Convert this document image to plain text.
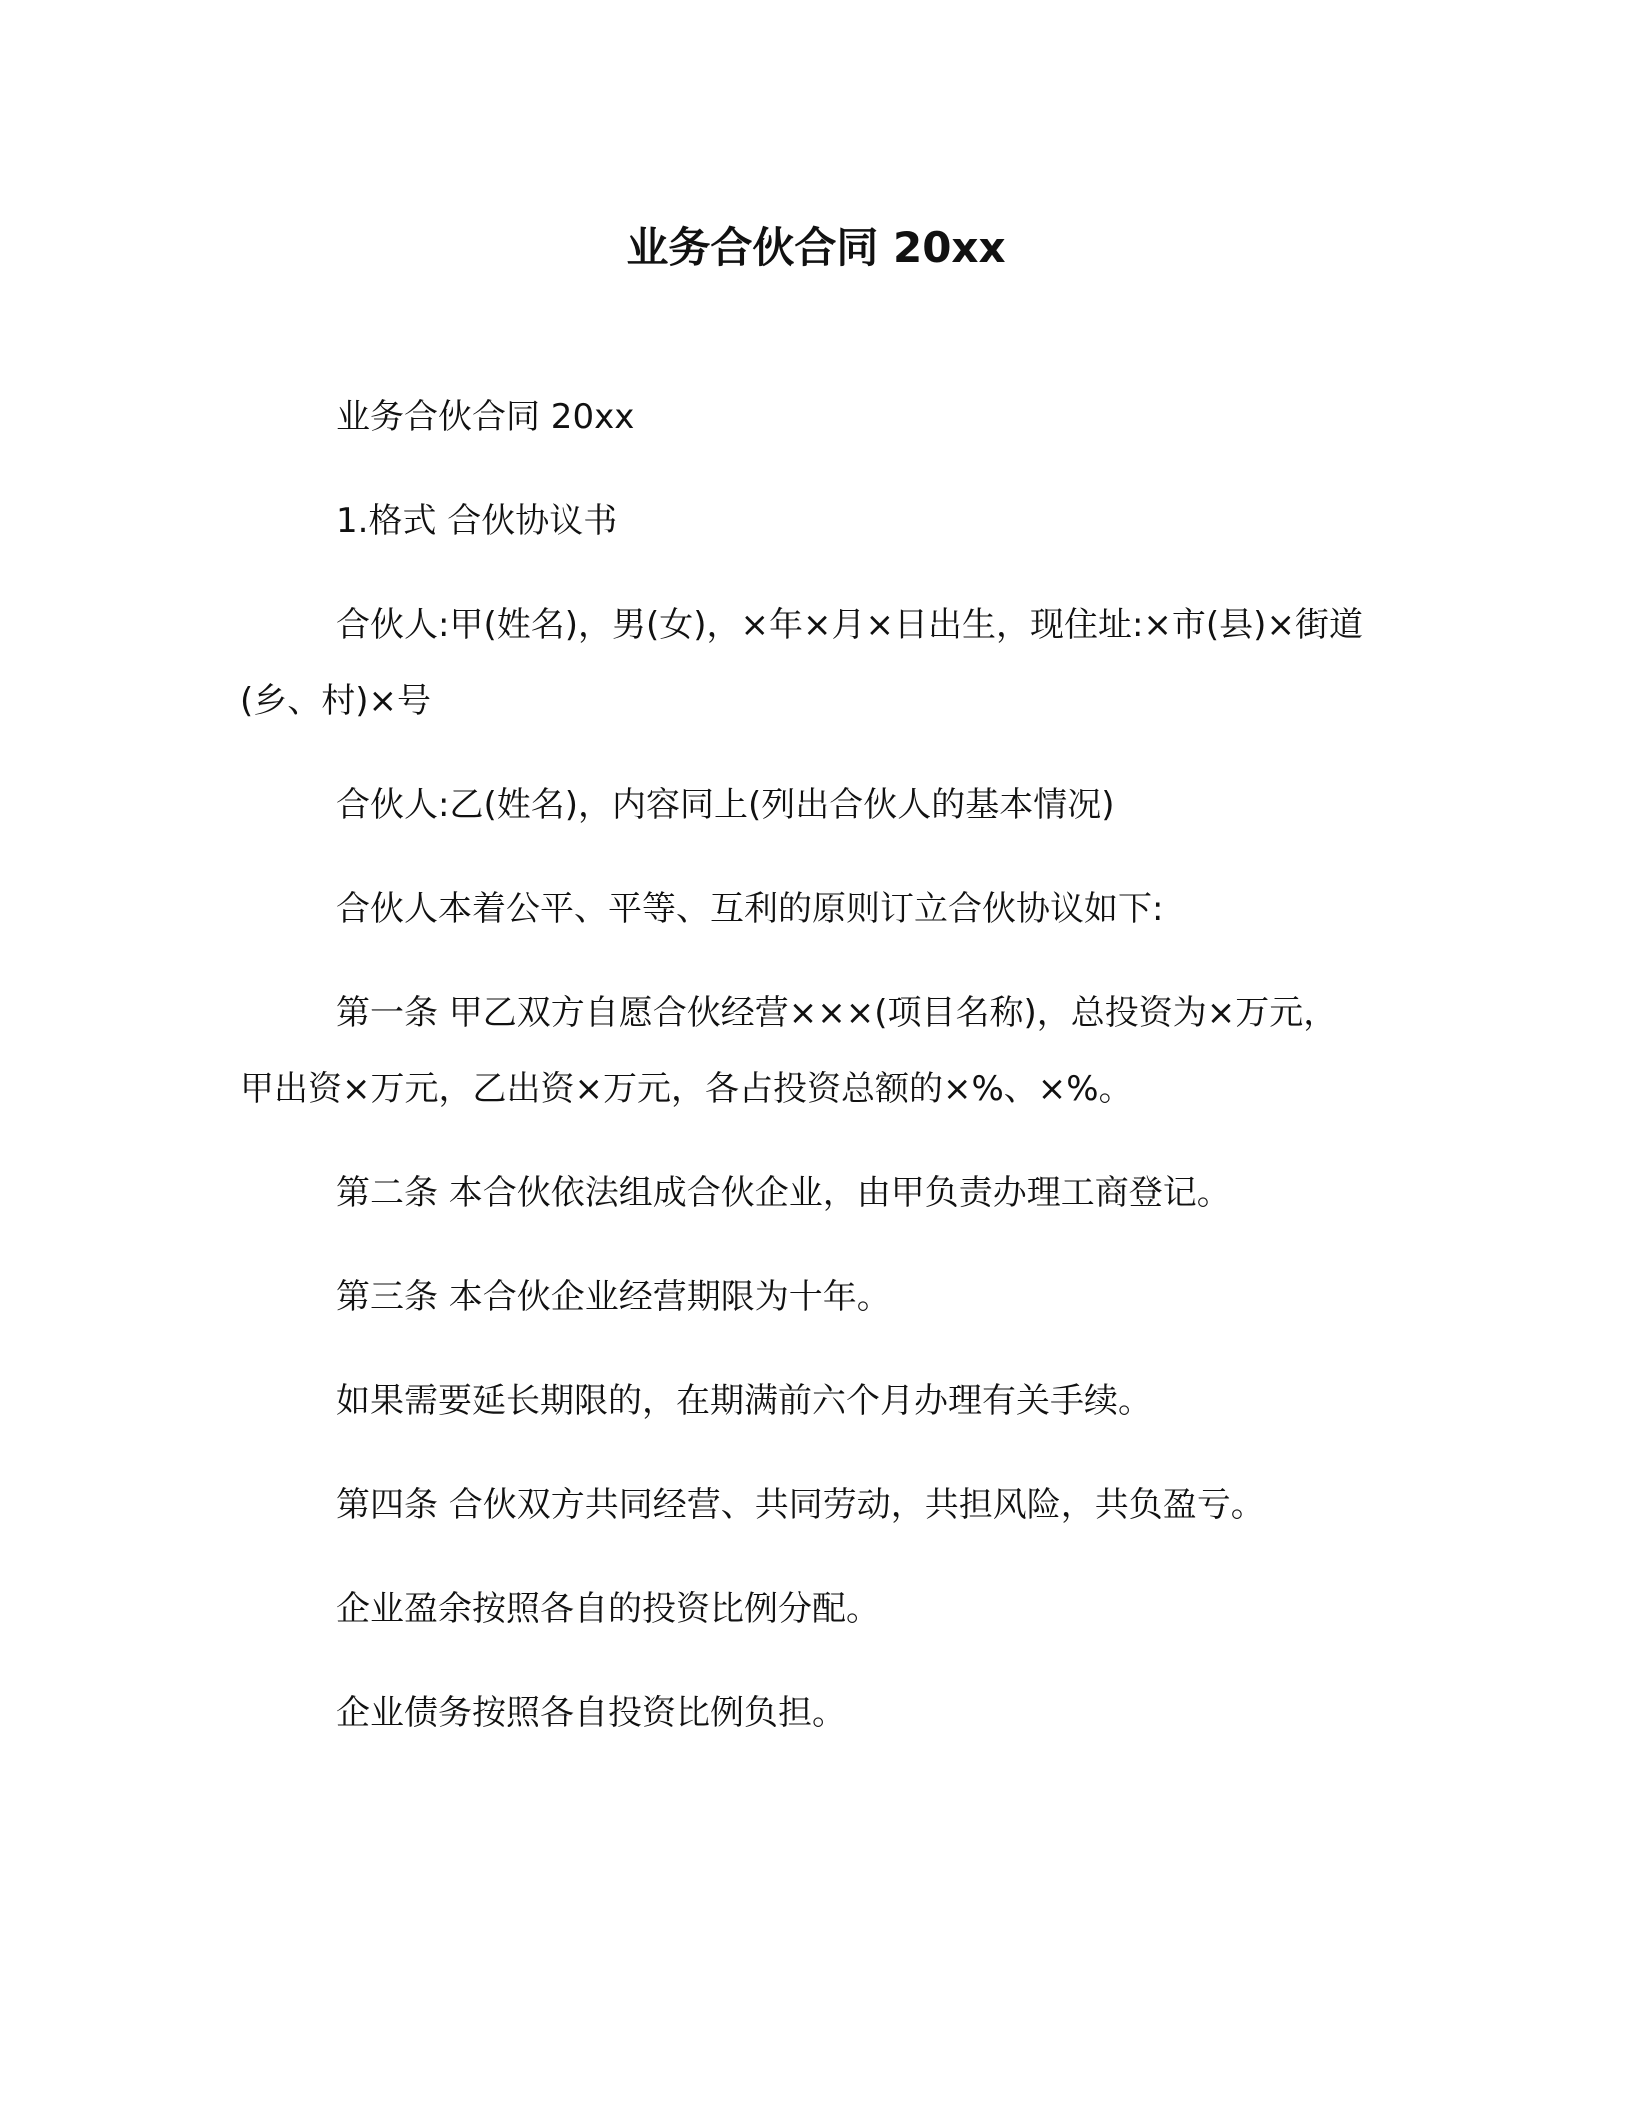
业务合伙合同 20xx

业务合伙合同 20xx

1.格式 合伙协议书

合伙人:甲(姓名)，男(女)，×年×月×日出生，现住址:×市(县)×街道(乡、村)×号

合伙人:乙(姓名)，内容同上(列出合伙人的基本情况)

合伙人本着公平、平等、互利的原则订立合伙协议如下:

第一条 甲乙双方自愿合伙经营×××(项目名称)，总投资为×万元，甲出资×万元，乙出资×万元，各占投资总额的×%、×%。

第二条 本合伙依法组成合伙企业，由甲负责办理工商登记。

第三条 本合伙企业经营期限为十年。

如果需要延长期限的，在期满前六个月办理有关手续。

第四条 合伙双方共同经营、共同劳动，共担风险，共负盈亏。

企业盈余按照各自的投资比例分配。

企业债务按照各自投资比例负担。
